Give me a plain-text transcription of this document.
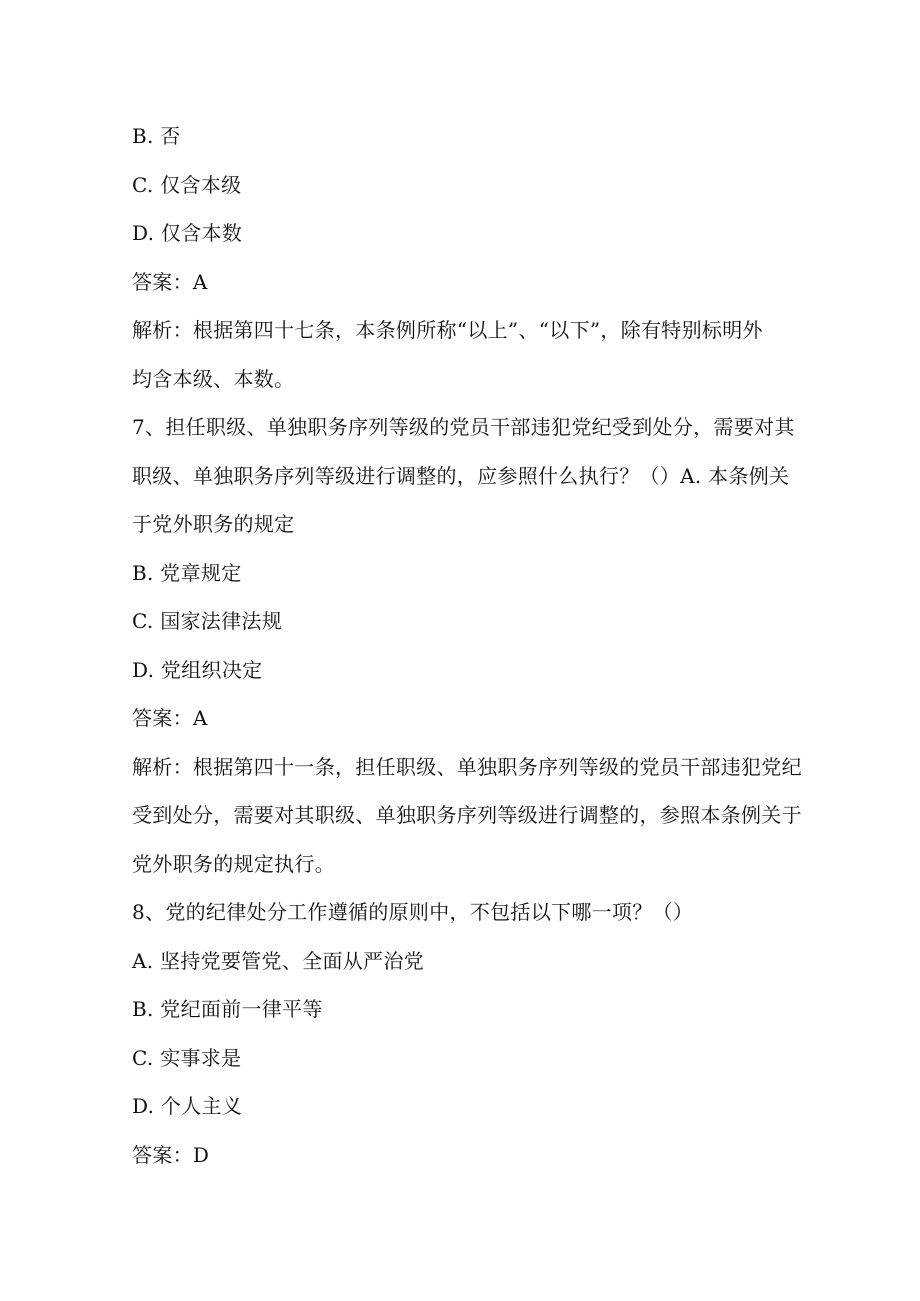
B. 否
C. 仅含本级
D. 仅含本数
答案：A
解析：根据第四十七条，本条例所称“以上”、“以下”，除有特别标明外
均含本级、本数。
7、担任职级、单独职务序列等级的党员干部违犯党纪受到处分，需要对其
职级、单独职务序列等级进行调整的，应参照什么执行？（）A. 本条例关
于党外职务的规定
B. 党章规定
C. 国家法律法规
D. 党组织决定
答案：A
解析：根据第四十一条，担任职级、单独职务序列等级的党员干部违犯党纪
受到处分，需要对其职级、单独职务序列等级进行调整的，参照本条例关于
党外职务的规定执行。
8、党的纪律处分工作遵循的原则中，不包括以下哪一项？（）
A. 坚持党要管党、全面从严治党
B. 党纪面前一律平等
C. 实事求是
D. 个人主义
答案：D
